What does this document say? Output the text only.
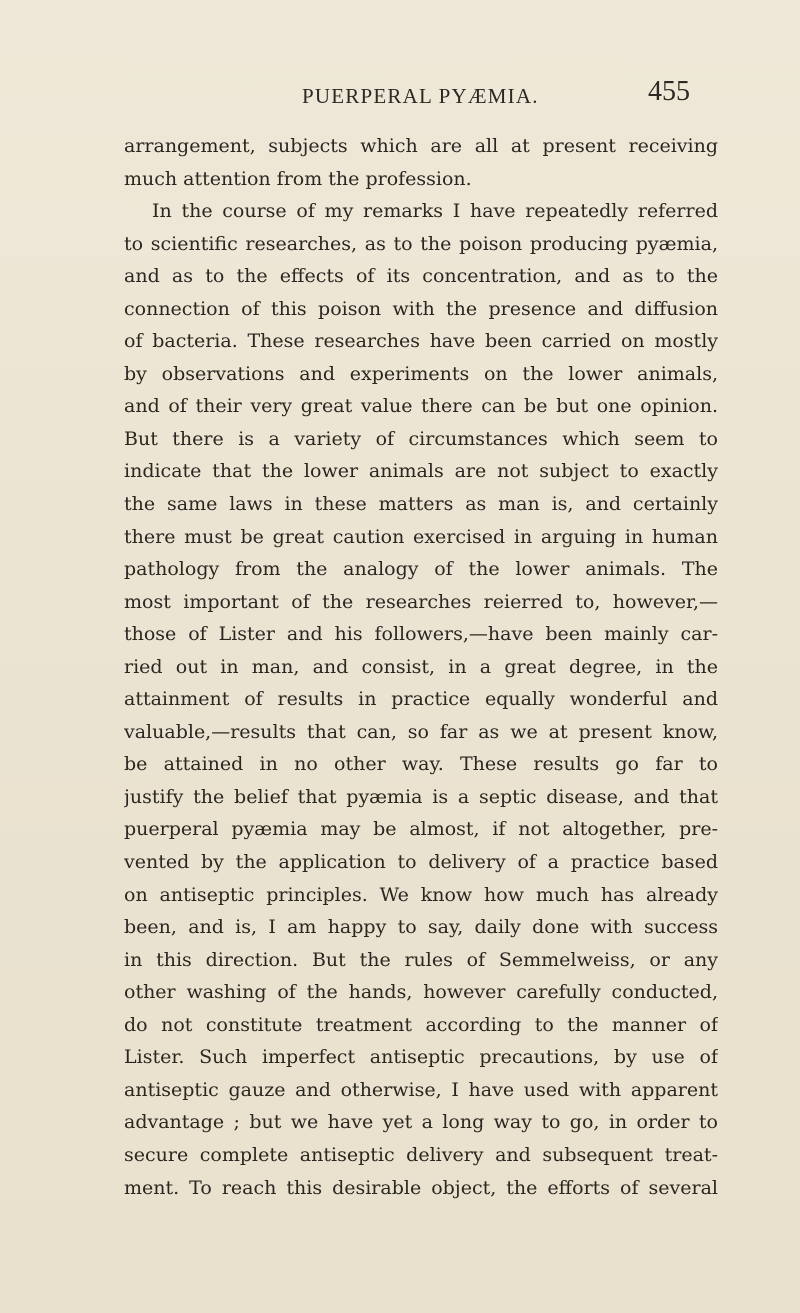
PUERPERAL PYÆMIA.	455
arrangement, subjects which are all at present receiving
much attention from the profession.
In the course of my remarks I have repeatedly referred
to scientific researches, as to the poison producing pyæmia,
and as to the effects of its concentration, and as to the
connection of this poison with the presence and diffusion
of bacteria. These researches have been carried on mostly
by observations and experiments on the lower animals,
and of their very great value there can be but one opinion.
But there is a variety of circumstances which seem to
indicate that the lower animals are not subject to exactly
the same laws in these matters as man is, and certainly
there must be great caution exercised in arguing in human
pathology from the analogy of the lower animals. The
most important of the researches reierred to, however,—
those of Lister and his followers,—have been mainly car-
ried out in man, and consist, in a great degree, in the
attainment of results in practice equally wonderful and
valuable,—results that can, so far as we at present know,
be attained in no other way. These results go far to
justify the belief that pyæmia is a septic disease, and that
puerperal pyæmia may be almost, if not altogether, pre-
vented by the application to delivery of a practice based
on antiseptic principles. We know how much has already
been, and is, I am happy to say, daily done with success
in this direction. But the rules of Semmelweiss, or any
other washing of the hands, however carefully conducted,
do not constitute treatment according to the manner of
Lister. Such imperfect antiseptic precautions, by use of
antiseptic gauze and otherwise, I have used with apparent
advantage ; but we have yet a long way to go, in order to
secure complete antiseptic delivery and subsequent treat-
ment. To reach this desirable object, the efforts of several
